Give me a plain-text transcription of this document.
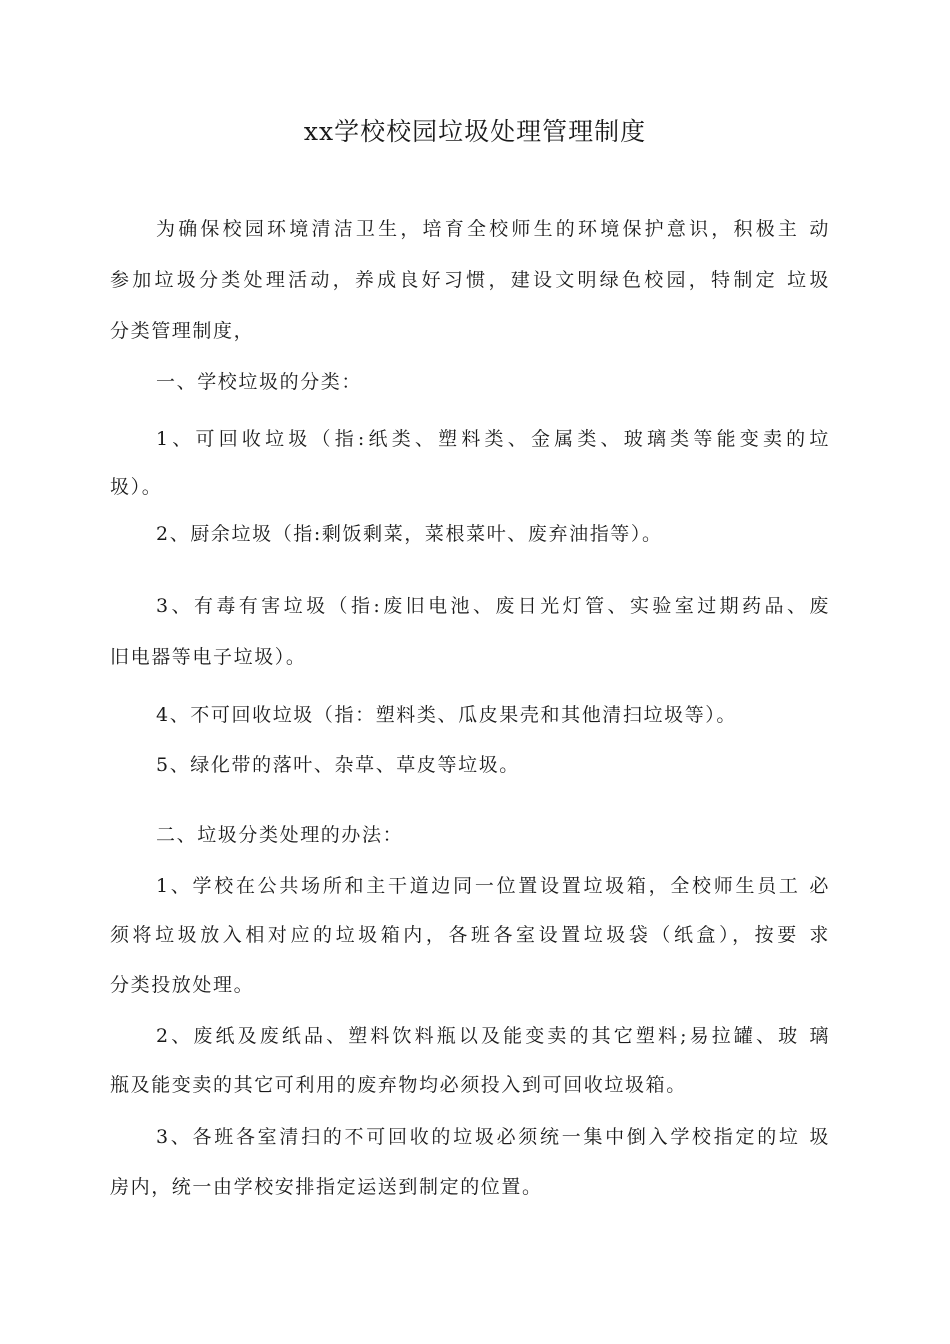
xx学校校园垃圾处理管理制度
为确保校园环境清洁卫生，培育全校师生的环境保护意识，积极主 动
参加垃圾分类处理活动，养成良好习惯，建设文明绿色校园，特制定 垃圾
分类管理制度，
一、学校垃圾的分类：
1、可回收垃圾（指:纸类、塑料类、金属类、玻璃类等能变卖的垃
圾）。
2、厨余垃圾（指:剩饭剩菜，菜根菜叶、废弃油指等）。
3、有毒有害垃圾（指:废旧电池、废日光灯管、实验室过期药品、废
旧电器等电子垃圾）。
4、不可回收垃圾（指：塑料类、瓜皮果壳和其他清扫垃圾等）。
5、绿化带的落叶、杂草、草皮等垃圾。
二、垃圾分类处理的办法：
1、学校在公共场所和主干道边同一位置设置垃圾箱，全校师生员工 必
须将垃圾放入相对应的垃圾箱内，各班各室设置垃圾袋（纸盒），按要 求
分类投放处理。
2、废纸及废纸品、塑料饮料瓶以及能变卖的其它塑料;易拉罐、玻 璃
瓶及能变卖的其它可利用的废弃物均必须投入到可回收垃圾箱。
3、各班各室清扫的不可回收的垃圾必须统一集中倒入学校指定的垃 圾
房内，统一由学校安排指定运送到制定的位置。
